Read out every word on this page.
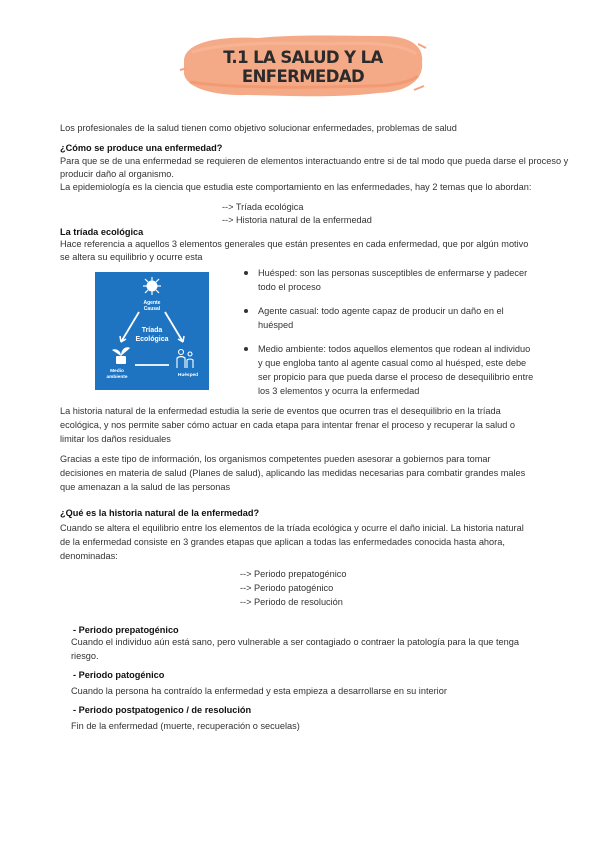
T.1 LA SALUD Y LA ENFERMEDAD
Los profesionales de la salud tienen como objetivo solucionar enfermedades, problemas de salud
¿Cómo se produce una enfermedad?
Para que se de una enfermedad se requieren de elementos interactuando entre si de tal modo que pueda darse el proceso y
producir daño al organismo.
La epidemiología es la ciencia que estudia este comportamiento en las enfermedades, hay 2 temas que lo abordan:
--> Tríada ecológica
--> Historia natural de la enfermedad
La tríada ecológica
Hace referencia a aquellos 3 elementos generales que están presentes en cada enfermedad, que por algún motivo
se altera su equilibrio y ocurre esta
Agente
Causal
Tríada
Ecológica
Medio
ambiente	Huésped
Huésped: son las personas susceptibles de enfermarse y padecer
todo el proceso
Agente casual: todo agente capaz de producir un daño en el
huésped
Medio ambiente: todos aquellos elementos que rodean al individuo
y que engloba tanto al agente casual como al huésped, este debe
ser propicio para que pueda darse el proceso de desequilibrio entre
los 3 elementos y ocurra la enfermedad
La historia natural de la enfermedad estudia la serie de eventos que ocurren tras el desequilibrio en la tríada
ecológica, y nos permite saber cómo actuar en cada etapa para intentar frenar el proceso y recuperar la salud o
limitar los daños residuales
Gracias a este tipo de información, los organismos competentes pueden asesorar a gobiernos para tomar
decisiones en materia de salud (Planes de salud), aplicando las medidas necesarias para combatir grandes males
que amenazan a la salud de las personas
¿Qué es la historia natural de la enfermedad?
Cuando se altera el equilibrio entre los elementos de la tríada ecológica y ocurre el daño inicial. La historia natural
de la enfermedad consiste en 3 grandes etapas que aplican a todas las enfermedades conocida hasta ahora,
denominadas:
--> Periodo prepatogénico
--> Periodo patogénico
--> Periodo de resolución
- Periodo prepatogénico
Cuando el individuo aún está sano, pero vulnerable a ser contagiado o contraer la patología para la que tenga
riesgo.
- Periodo patogénico
Cuando la persona ha contraído la enfermedad y esta empieza a desarrollarse en su interior
- Periodo postpatogenico / de resolución
Fin de la enfermedad (muerte, recuperación o secuelas)
